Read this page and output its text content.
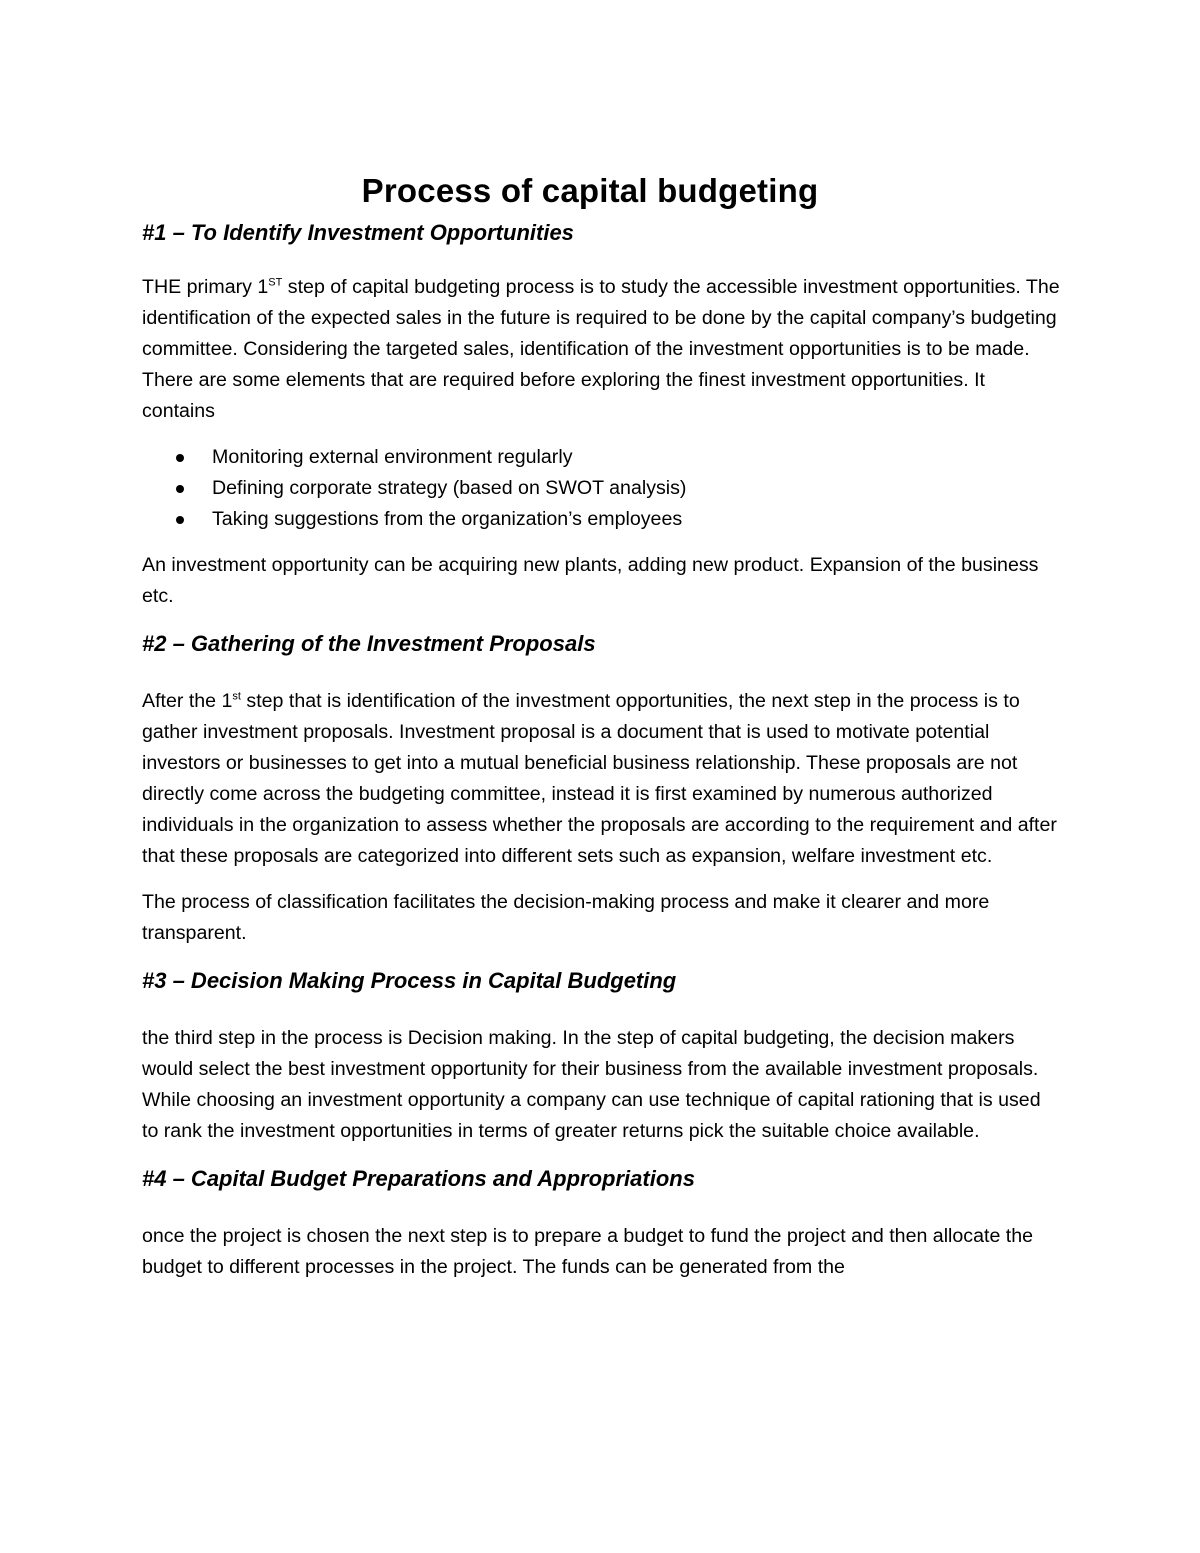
Process of capital budgeting
#1 – To Identify Investment Opportunities

THE primary 1ST step of capital budgeting process is to study the accessible investment opportunities. The identification of the expected sales in the future is required to be done by the capital company’s budgeting committee. Considering the targeted sales, identification of the investment opportunities is to be made. There are some elements that are required before exploring the finest investment opportunities. It contains

Monitoring external environment regularly
Defining corporate strategy (based on SWOT analysis)
Taking suggestions from the organization’s employees

An investment opportunity can be acquiring new plants, adding new product. Expansion of the business etc.

#2 – Gathering of the Investment Proposals

After the 1st step that is identification of the investment opportunities, the next step in the process is to gather investment proposals. Investment proposal is a document that is used to motivate potential investors or businesses to get into a mutual beneficial business relationship. These proposals are not directly come across the budgeting committee, instead it is first examined by numerous authorized individuals in the organization to assess whether the proposals are according to the requirement and after that these proposals are categorized into different sets such as expansion, welfare investment etc.

The process of classification facilitates the decision-making process and make it clearer and more transparent.

#3 – Decision Making Process in Capital Budgeting

the third step in the process is Decision making. In the step of capital budgeting, the decision makers would select the best investment opportunity for their business from the available investment proposals. While choosing an investment opportunity a company can use technique of capital rationing that is used to rank the investment opportunities in terms of greater returns pick the suitable choice available.

#4 – Capital Budget Preparations and Appropriations

once the project is chosen the next step is to prepare a budget to fund the project and then allocate the budget to different processes in the project. The funds can be generated from the
